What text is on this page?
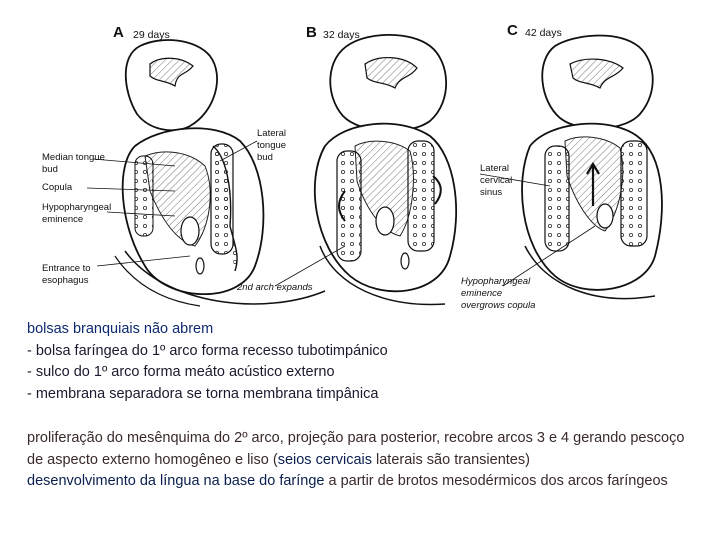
A 29 days	B 32 days	C 42 days
Median tongue
bud
Copula
Hypopharyngeal
eminence
Entrance to
esophagus
Lateral
tongue
bud
2nd arch expands
Lateral
cervical
sinus
Hypopharyngeal
eminence
overgrows copula

bolsas branquiais não abrem

- bolsa faríngea do 1º arco forma recesso tubotimpánico

- sulco do 1º arco forma meáto acústico externo

- membrana separadora se torna membrana timpânica

proliferação do mesênquima do 2º arco, projeção para posterior, recobre arcos 3 e 4 gerando pescoço de aspecto externo homogêneo e liso (seios cervicais laterais são transientes)

desenvolvimento da língua na base do farínge a partir de brotos mesodérmicos dos arcos faríngeos
